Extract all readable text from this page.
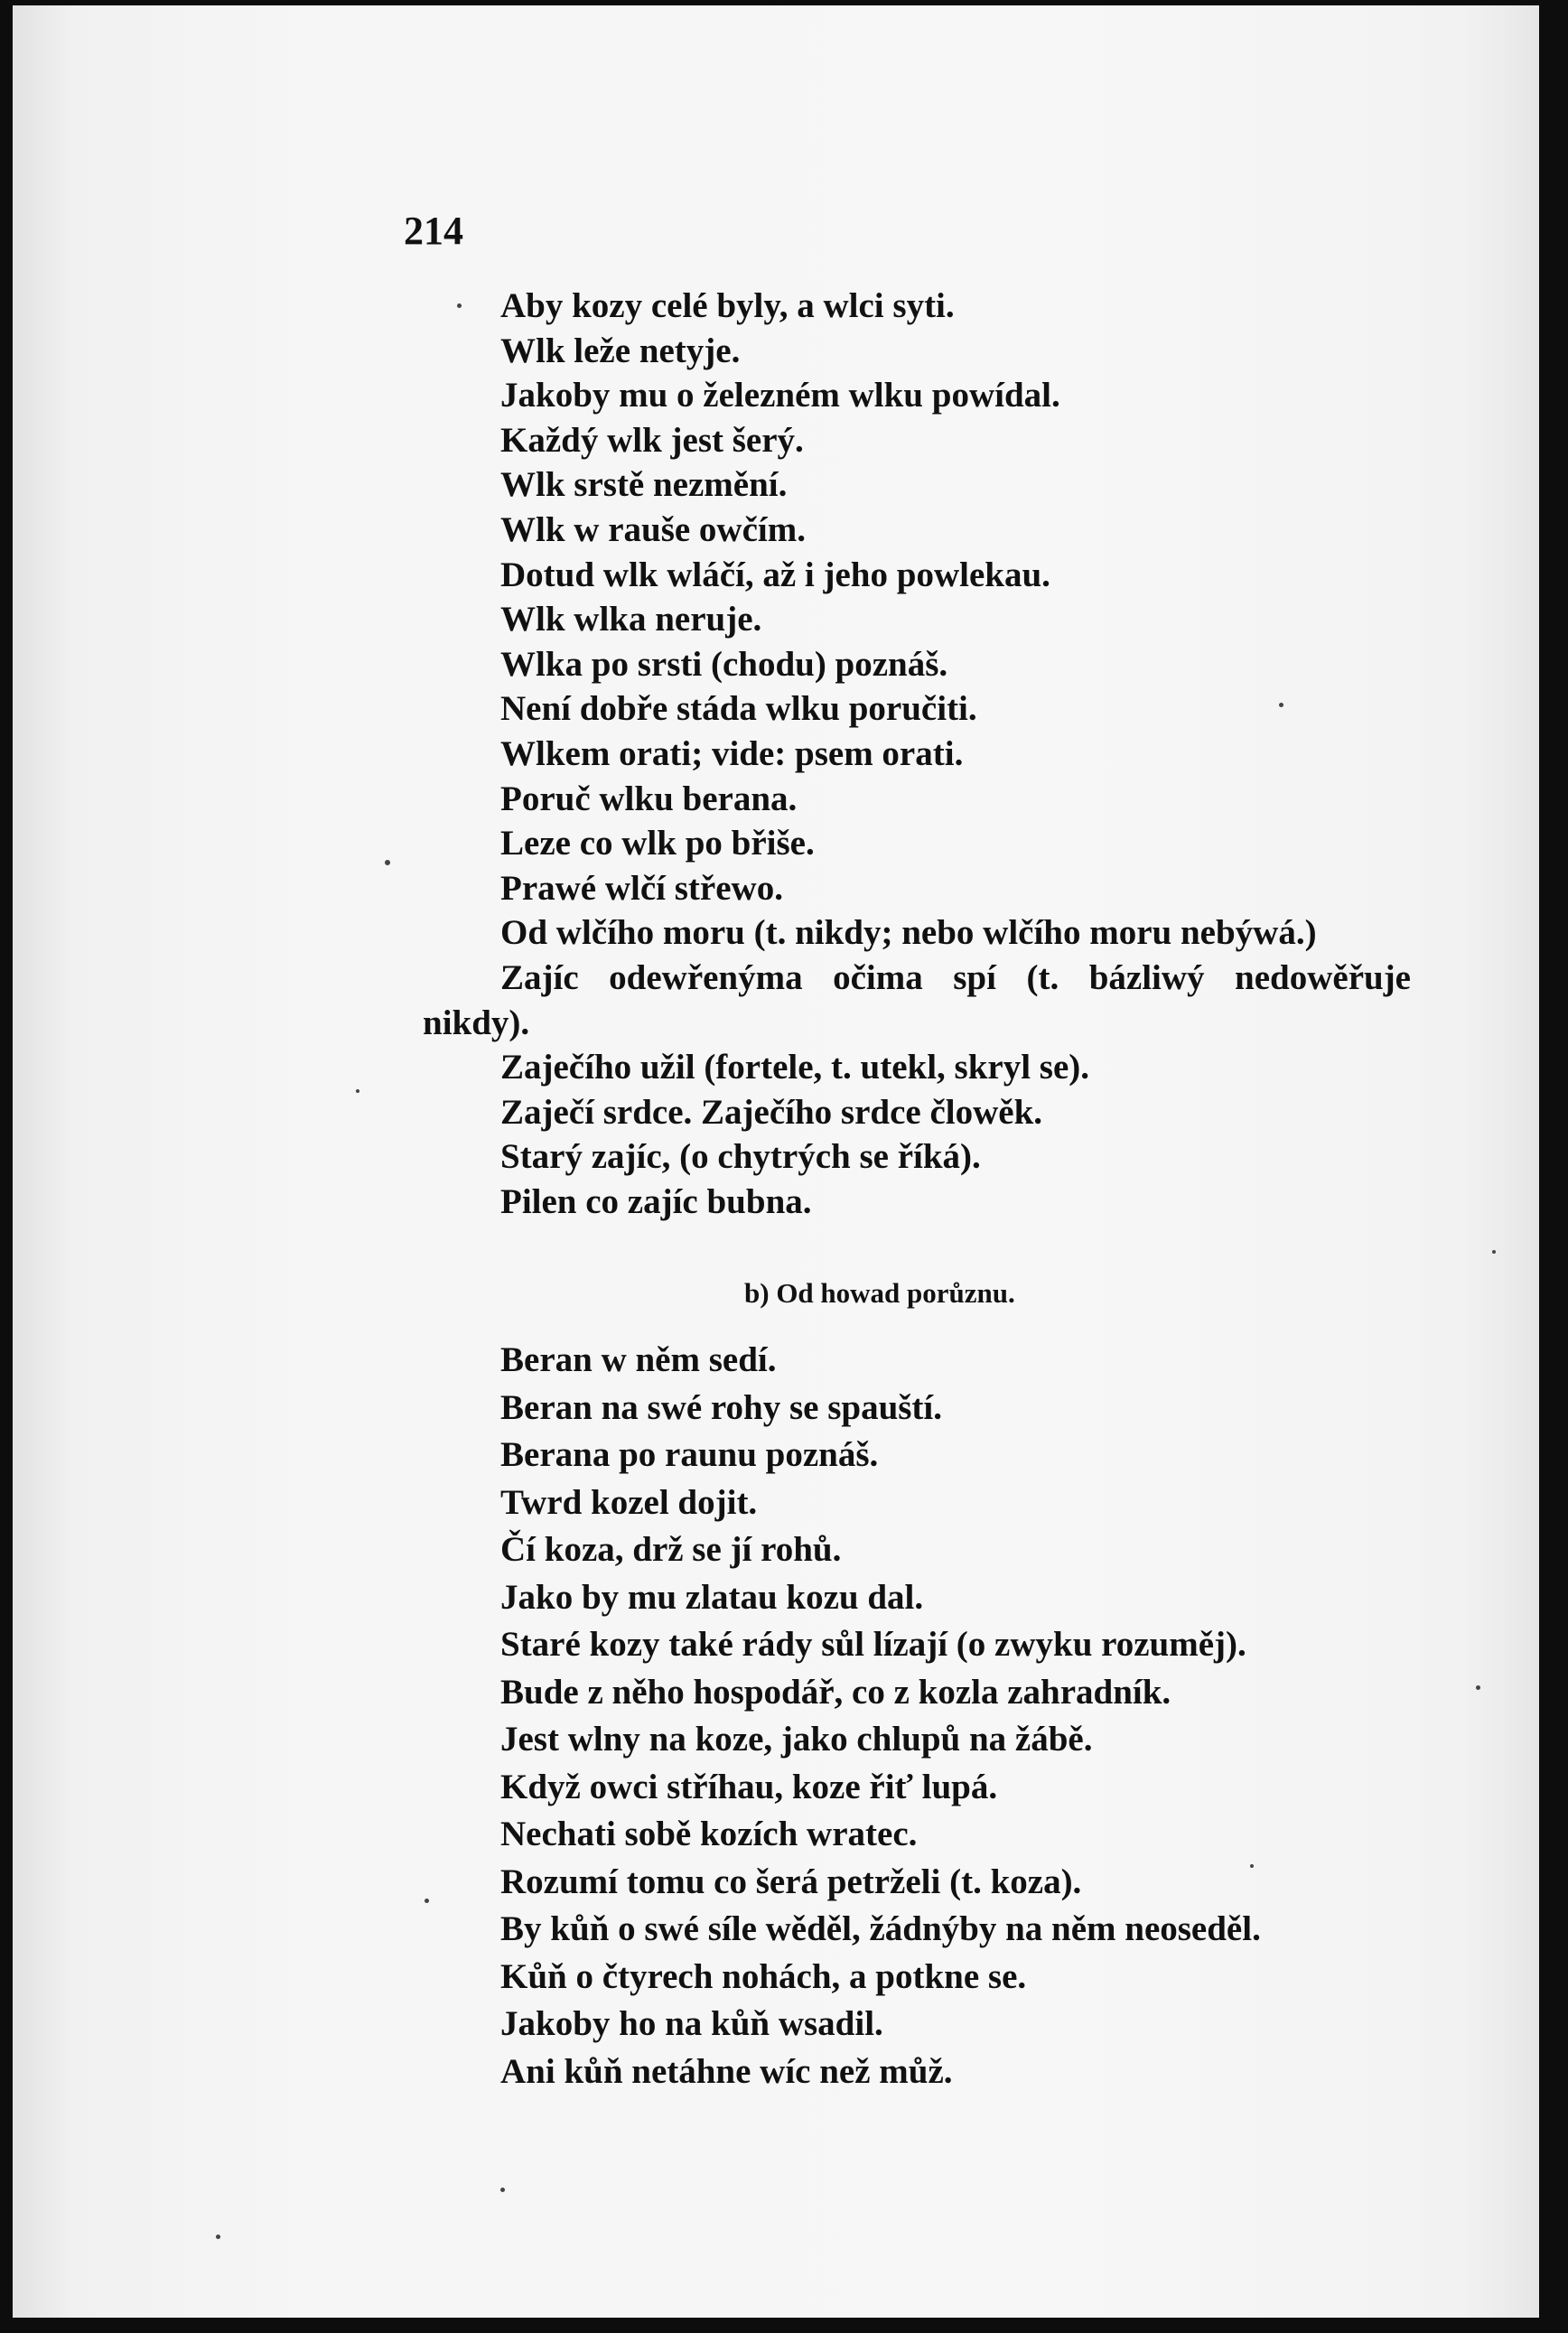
214

Aby kozy celé byly, a wlci syti.

Wlk leže netyje.

Jakoby mu o železném wlku powídal.

Každý wlk jest šerý.

Wlk srstě nezmění.

Wlk w rauše owčím.

Dotud wlk wláčí, až i jeho powlekau.

Wlk wlka neruje.

Wlka po srsti (chodu) poznáš.

Není dobře stáda wlku poručiti.

Wlkem orati; vide: psem orati.

Poruč wlku berana.

Leze co wlk po břiše.

Prawé wlčí střewo.

Od wlčího moru (t. nikdy; nebo wlčího moru nebýwá.)

Zajíc odewřenýma očima spí (t. bázliwý nedowěřuje

nikdy).

Zaječího užil (fortele, t. utekl, skryl se).

Zaječí srdce. Zaječího srdce člowěk.

Starý zajíc, (o chytrých se říká).

Pilen co zajíc bubna.

b) Od howad porůznu.

Beran w něm sedí.

Beran na swé rohy se spauští.

Berana po raunu poznáš.

Twrd kozel dojit.

Čí koza, drž se jí rohů.

Jako by mu zlatau kozu dal.

Staré kozy také rády sůl lízají (o zwyku rozuměj).

Bude z něho hospodář, co z kozla zahradník.

Jest wlny na koze, jako chlupů na žábě.

Když owci stříhau, koze řiť lupá.

Nechati sobě kozích wratec.

Rozumí tomu co šerá petrželi (t. koza).

By kůň o swé síle wěděl, žádnýby na něm neoseděl.

Kůň o čtyrech nohách, a potkne se.

Jakoby ho na kůň wsadil.

Ani kůň netáhne wíc než můž.
